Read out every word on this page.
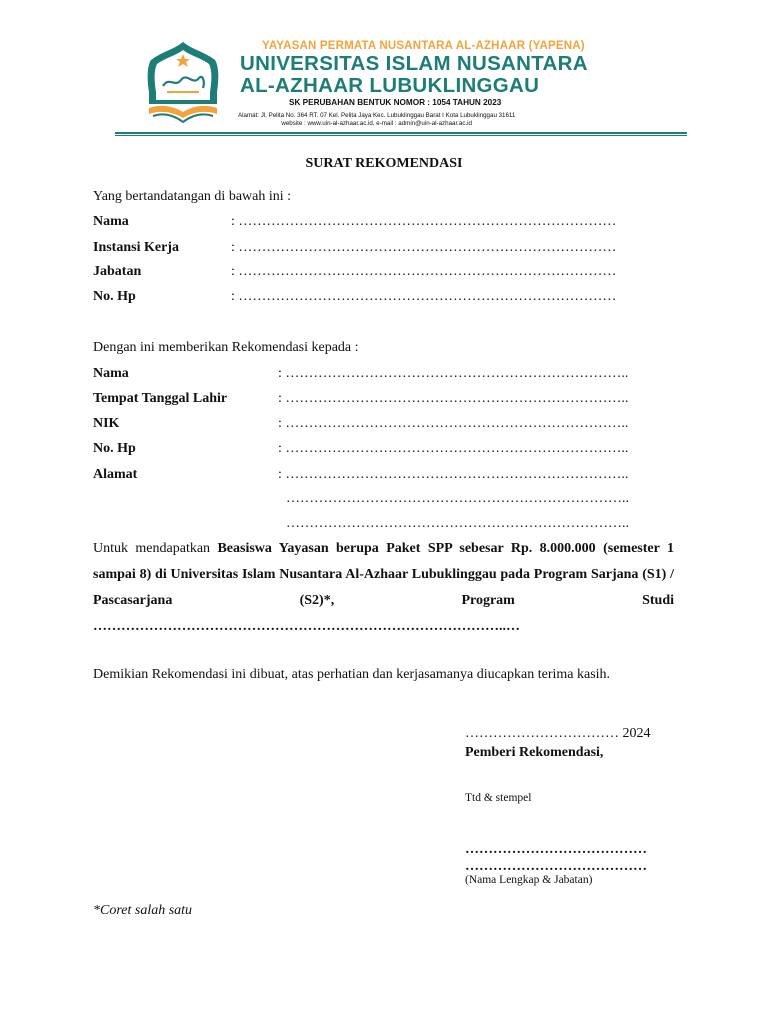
YAYASAN PERMATA NUSANTARA AL-AZHAAR (YAPENA)
UNIVERSITAS ISLAM NUSANTARA
AL-AZHAAR LUBUKLINGGAU
SK PERUBAHAN BENTUK NOMOR : 1054 TAHUN 2023
Alamat: Jl. Pelita No. 364 RT. 07 Kel. Pelita Jaya Kec. Lubuklinggau Barat I Kota Lubuklinggau 31611
website : www.uin-al-azhaar.ac.id, e-mail : admin@uin-al-azhaar.ac.id
SURAT REKOMENDASI
Yang bertandatangan di bawah ini :
Nama	: ………………………………………………………………………
Instansi Kerja	: ………………………………………………………………………
Jabatan	: ………………………………………………………………………
No. Hp	: ………………………………………………………………………
Dengan ini memberikan Rekomendasi kepada :
Nama	: ………………………………………………………………..
Tempat Tanggal Lahir	: ………………………………………………………………..
NIK	: ………………………………………………………………..
No. Hp	: ………………………………………………………………..
Alamat	: ………………………………………………………………..
………………………………………………………………..
………………………………………………………………..
Untuk mendapatkan Beasiswa Yayasan berupa Paket SPP sebesar Rp. 8.000.000 (semester 1 sampai 8) di Universitas Islam Nusantara Al-Azhaar Lubuklinggau pada Program Sarjana (S1) / Pascasarjana (S2)*, Program Studi ……………………………………………………………………………..…
Demikian Rekomendasi ini dibuat, atas perhatian dan kerjasamanya diucapkan terima kasih.
…………………………… 2024
Pemberi Rekomendasi,
Ttd & stempel
…………………………………
…………………………………
(Nama Lengkap & Jabatan)
*Coret salah satu
